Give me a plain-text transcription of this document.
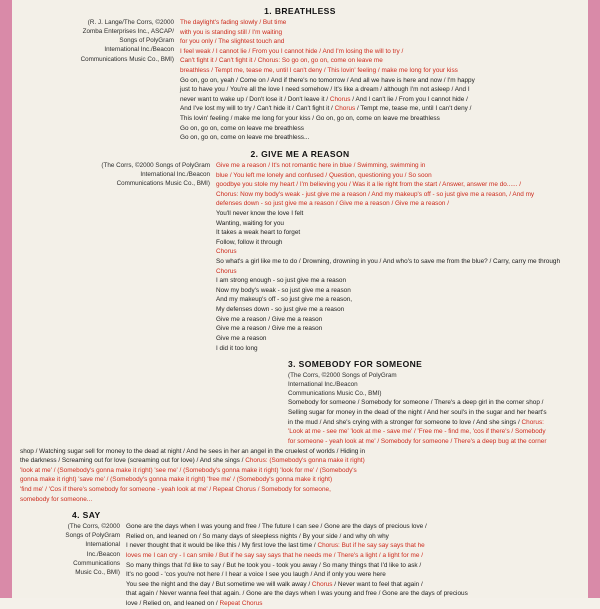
1. BREATHLESS
(R. J. Lange/The Corrs, ©2000
Zomba Enterprises Inc., ASCAP/
Songs of PolyGram
International Inc./Beacon
Communications Music Co., BMI)

The daylight's fading slowly / But time

with you is standing still / I'm waiting

for you only / The slightest touch and

I feel weak / I cannot lie / From you I cannot hide / And I'm losing the will to try /

Can't fight it / Can't fight it / Chorus: So go on, go on, come on leave me

breathless / Tempt me, tease me, until I can't deny / This lovin' feeling / make me long for your kiss

Go on, go on, yeah / Come on / And if there's no tomorrow / And all we have is here and now / I'm happy

just to have you / You're all the love I need somehow / It's like a dream / although I'm not asleep / And I

never want to wake up / Don't lose it / Don't leave it / Chorus / And I can't lie / From you I cannot hide /

And I've lost my will to try / Can't hide it / Can't fight it / Chorus / Tempt me, tease me, until I can't deny /

This lovin' feeling / make me long for your kiss / Go on, go on, come on leave me breathless

Go on, go on, come on leave me breathless

Go on, go on, come on leave me breathless...

2. GIVE ME A REASON
(The Corrs, ©2000 Songs of PolyGram
International Inc./Beacon
Communications Music Co., BMI)

Give me a reason / It's not romantic here in blue / Swimming, swimming in

blue / You left me lonely and confused / Question, questioning you / So soon

goodbye you stole my heart / I'm believing you / Was it a lie right from the start / Answer, answer me do...... /

Chorus: Now my body's weak - just give me a reason / And my makeup's off - so just give me a reason, / And my

defenses down - so just give me a reason / Give me a reason / Give me a reason /

You'll never know the love I felt

Wanting, waiting for you

It takes a weak heart to forget

Follow, follow it through

Chorus

So what's a girl like me to do / Drowning, drowning in you / And who's to save me from the blue? / Carry, carry me through

Chorus

I am strong enough - so just give me a reason

Now my body's weak - so just give me a reason

And my makeup's off - so just give me a reason,

My defenses down - so just give me a reason

Give me a reason / Give me a reason

Give me a reason / Give me a reason

Give me a reason

I did it too long

3. SOMEBODY FOR SOMEONE
(The Corrs, ©2000 Songs of PolyGram
International Inc./Beacon
Communications Music Co., BMI)

Somebody for someone / Somebody for someone / There's a deep girl in the corner shop /

Selling sugar for money in the dead of the night / And her soul's in the sugar and her heart's

in the mud / And she's crying with a stronger for someone to love / And she sings / Chorus:

'Look at me - see me' 'look at me - save me' / 'Free me - find me, 'cos if there's / Somebody

for someone - yeah look at me' / Somebody for someone / There's a deep bug at the corner

shop / Watching sugar sell for money to the dead at night / And he sees in her an angel in the cruelest of worlds / Hiding in

the darkness / Screaming out for love (screaming out for love) / And she sings / Chorus: (Somebody's gonna make it right)

'look at me' / (Somebody's gonna make it right) 'see me' / (Somebody's gonna make it right) 'look for me' / (Somebody's

gonna make it right) 'save me' / (Somebody's gonna make it right) 'free me' / (Somebody's gonna make it right)

'find me' / 'Cos if there's somebody for someone - yeah look at me' / Repeat Chorus / Somebody for someone,

somebody for someone...

4. SAY
(The Corrs, ©2000
Songs of PolyGram
International
Inc./Beacon
Communications
Music Co., BMI)

Gone are the days when I was young and free / The future I can see / Gone are the days of precious love /

Relied on, and leaned on / So many days of sleepless nights / By your side / and why oh why

I never thought that it would be like this / My first love the last time / Chorus: But if he say say says that he

loves me I can cry - I can smile / But if he say say says that he needs me / There's a light / a light for me /

So many things that I'd like to say / But he took you - took you away / So many things that I'd like to ask /

It's no good - 'cos you're not here / I hear a voice I see you laugh / And if only you were here

You see the night and the day / But sometime we will walk away / Chorus / Never want to feel that again /

that again / Never wanna feel that again. / Gone are the days when I was young and free / Gone are the days of precious

love / Relied on, and leaned on / Repeat Chorus
